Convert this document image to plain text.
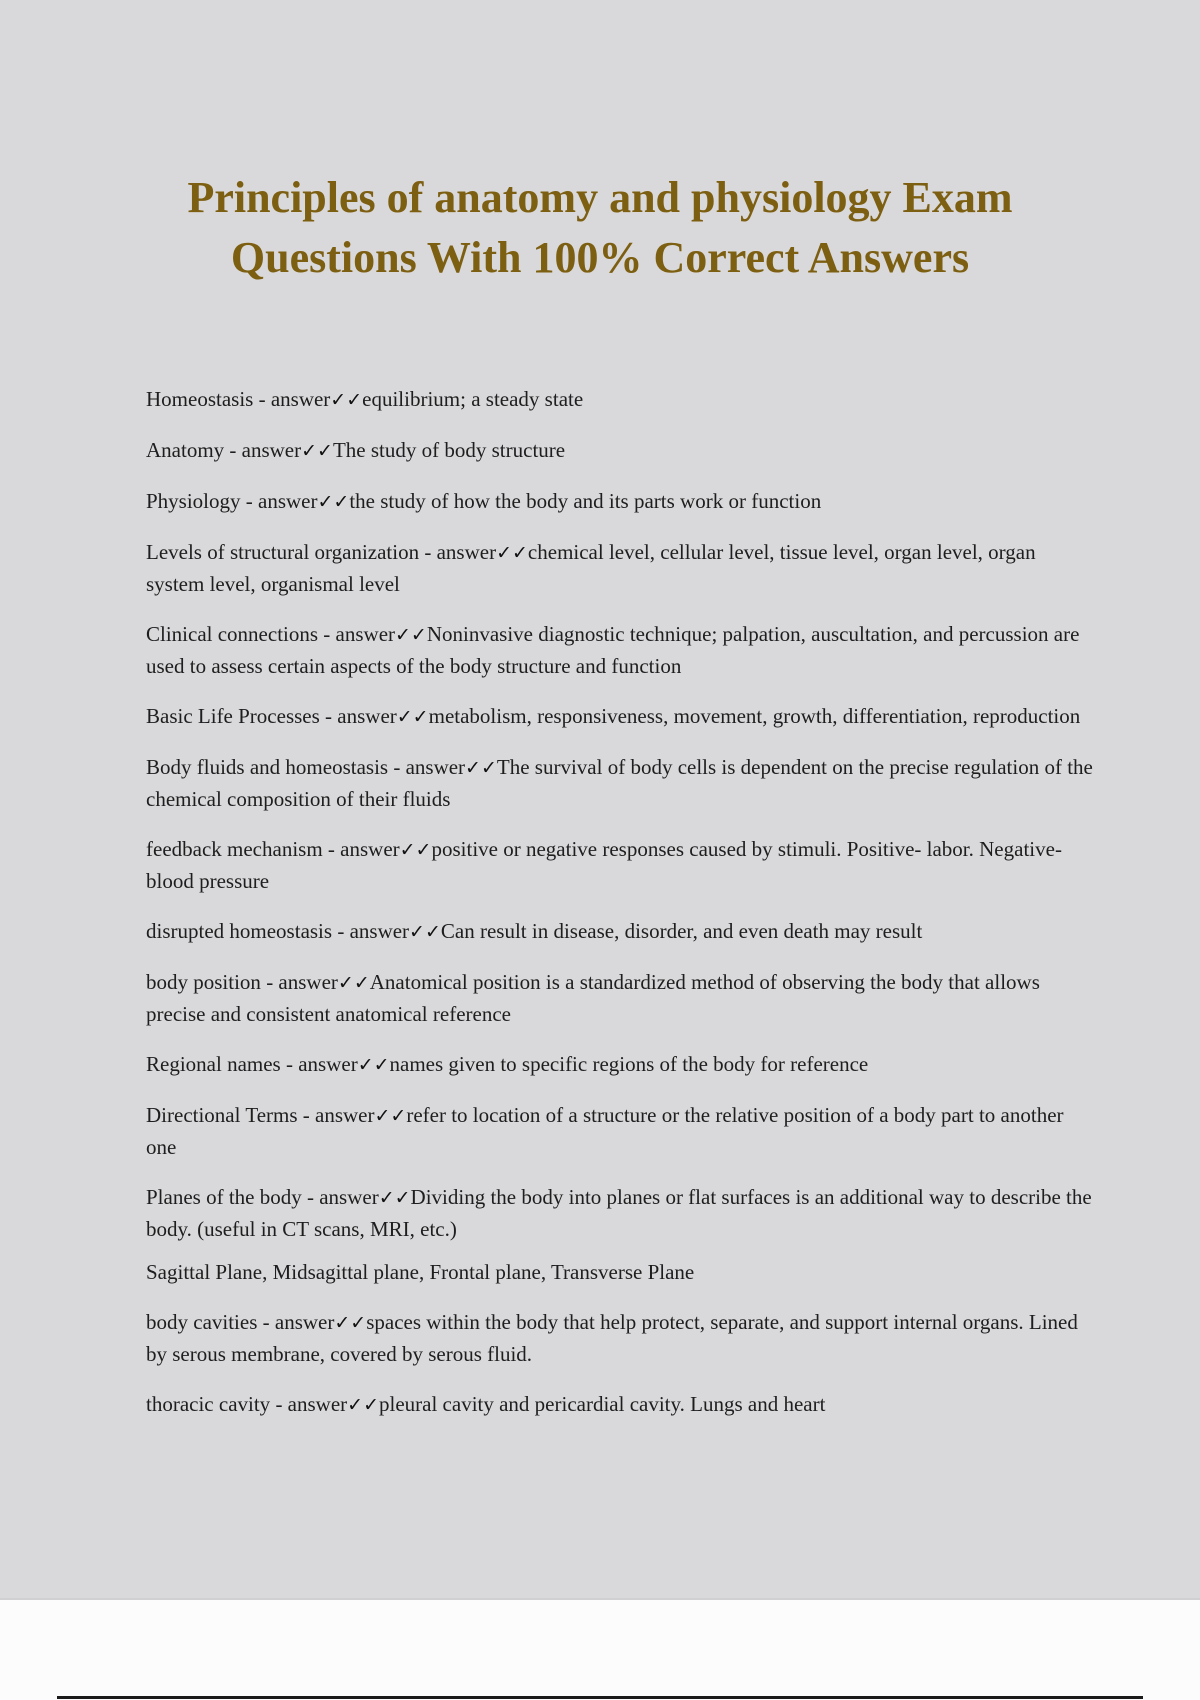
Principles of anatomy and physiology Exam
Questions With 100% Correct Answers
Homeostasis - answer✓✓equilibrium; a steady state
Anatomy - answer✓✓The study of body structure
Physiology - answer✓✓the study of how the body and its parts work or function
Levels of structural organization - answer✓✓chemical level, cellular level, tissue level, organ level, organ system level, organismal level
Clinical connections - answer✓✓Noninvasive diagnostic technique; palpation, auscultation, and percussion are used to assess certain aspects of the body structure and function
Basic Life Processes - answer✓✓metabolism, responsiveness, movement, growth, differentiation, reproduction
Body fluids and homeostasis - answer✓✓The survival of body cells is dependent on the precise regulation of the chemical composition of their fluids
feedback mechanism - answer✓✓positive or negative responses caused by stimuli. Positive- labor. Negative- blood pressure
disrupted homeostasis - answer✓✓Can result in disease, disorder, and even death may result
body position - answer✓✓Anatomical position is a standardized method of observing the body that allows precise and consistent anatomical reference
Regional names - answer✓✓names given to specific regions of the body for reference
Directional Terms - answer✓✓refer to location of a structure or the relative position of a body part to another one
Planes of the body - answer✓✓Dividing the body into planes or flat surfaces is an additional way to describe the body. (useful in CT scans, MRI, etc.)
Sagittal Plane, Midsagittal plane, Frontal plane, Transverse Plane
body cavities - answer✓✓spaces within the body that help protect, separate, and support internal organs. Lined by serous membrane, covered by serous fluid.
thoracic cavity - answer✓✓pleural cavity and pericardial cavity. Lungs and heart
